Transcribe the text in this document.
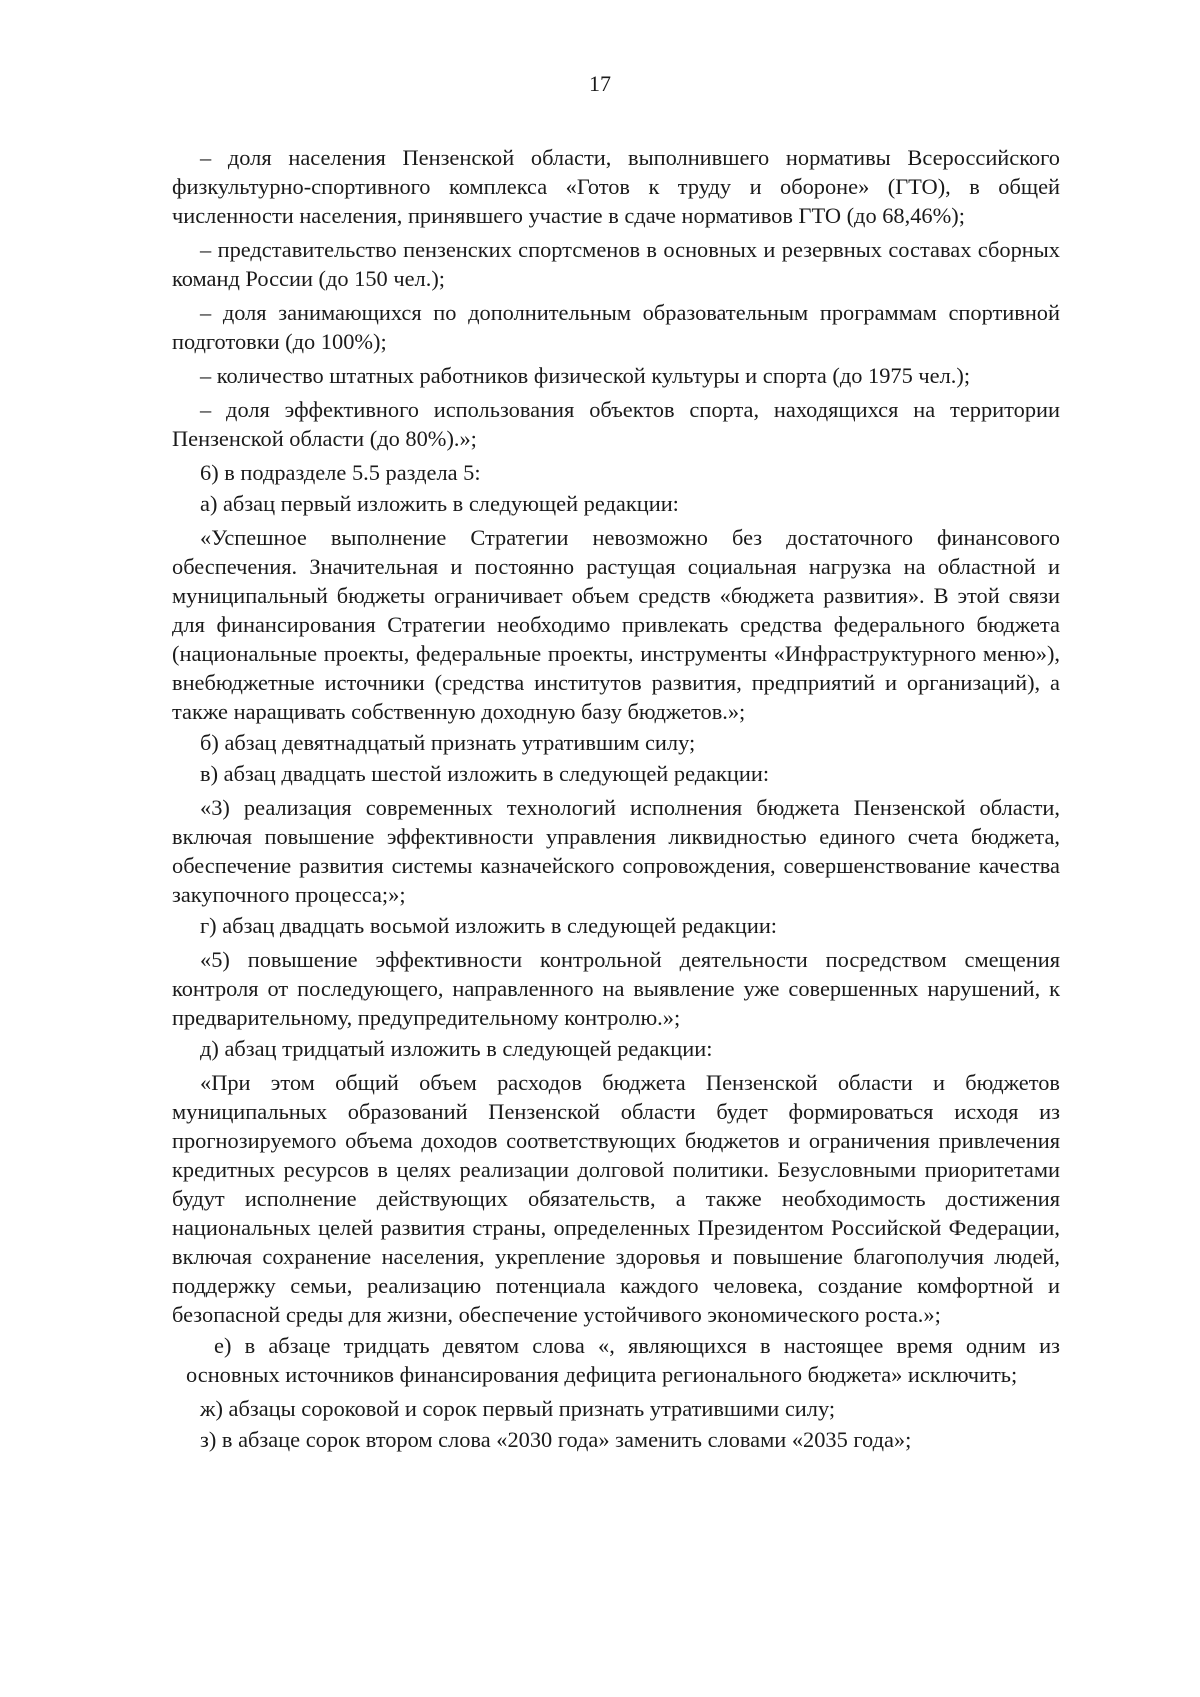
17

– доля населения Пензенской области, выполнившего нормативы Всероссийского физкультурно-спортивного комплекса «Готов к труду и обороне» (ГТО), в общей численности населения, принявшего участие в сдаче нормативов ГТО (до 68,46%);

– представительство пензенских спортсменов в основных и резервных составах сборных команд России (до 150 чел.);

– доля занимающихся по дополнительным образовательным программам спортивной подготовки (до 100%);

– количество штатных работников физической культуры и спорта (до 1975 чел.);

– доля эффективного использования объектов спорта, находящихся на территории Пензенской области (до 80%).»;

6) в подразделе 5.5 раздела 5:

а) абзац первый изложить в следующей редакции:

«Успешное выполнение Стратегии невозможно без достаточного финансового обеспечения. Значительная и постоянно растущая социальная нагрузка на областной и муниципальный бюджеты ограничивает объем средств «бюджета развития». В этой связи для финансирования Стратегии необходимо привлекать средства федерального бюджета (национальные проекты, федеральные проекты, инструменты «Инфраструктурного меню»), внебюджетные источники (средства институтов развития, предприятий и организаций), а также наращивать собственную доходную базу бюджетов.»;

б) абзац девятнадцатый признать утратившим силу;

в) абзац двадцать шестой изложить в следующей редакции:

«3) реализация современных технологий исполнения бюджета Пензенской области, включая повышение эффективности управления ликвидностью единого счета бюджета, обеспечение развития системы казначейского сопровождения, совершенствование качества закупочного процесса;»;

г) абзац двадцать восьмой изложить в следующей редакции:

«5) повышение эффективности контрольной деятельности посредством смещения контроля от последующего, направленного на выявление уже совершенных нарушений, к предварительному, предупредительному контролю.»;

д) абзац тридцатый изложить в следующей редакции:

«При этом общий объем расходов бюджета Пензенской области и бюджетов муниципальных образований Пензенской области будет формироваться исходя из прогнозируемого объема доходов соответствующих бюджетов и ограничения привлечения кредитных ресурсов в целях реализации долговой политики. Безусловными приоритетами будут исполнение действующих обязательств, а также необходимость достижения национальных целей развития страны, определенных Президентом Российской Федерации, включая сохранение населения, укрепление здоровья и повышение благополучия людей, поддержку семьи, реализацию потенциала каждого человека, создание комфортной и безопасной среды для жизни, обеспечение устойчивого экономического роста.»;

е) в абзаце тридцать девятом слова «, являющихся в настоящее время одним из основных источников финансирования дефицита регионального бюджета» исключить;

ж) абзацы сороковой и сорок первый признать утратившими силу;

з) в абзаце сорок втором слова «2030 года» заменить словами «2035 года»;
